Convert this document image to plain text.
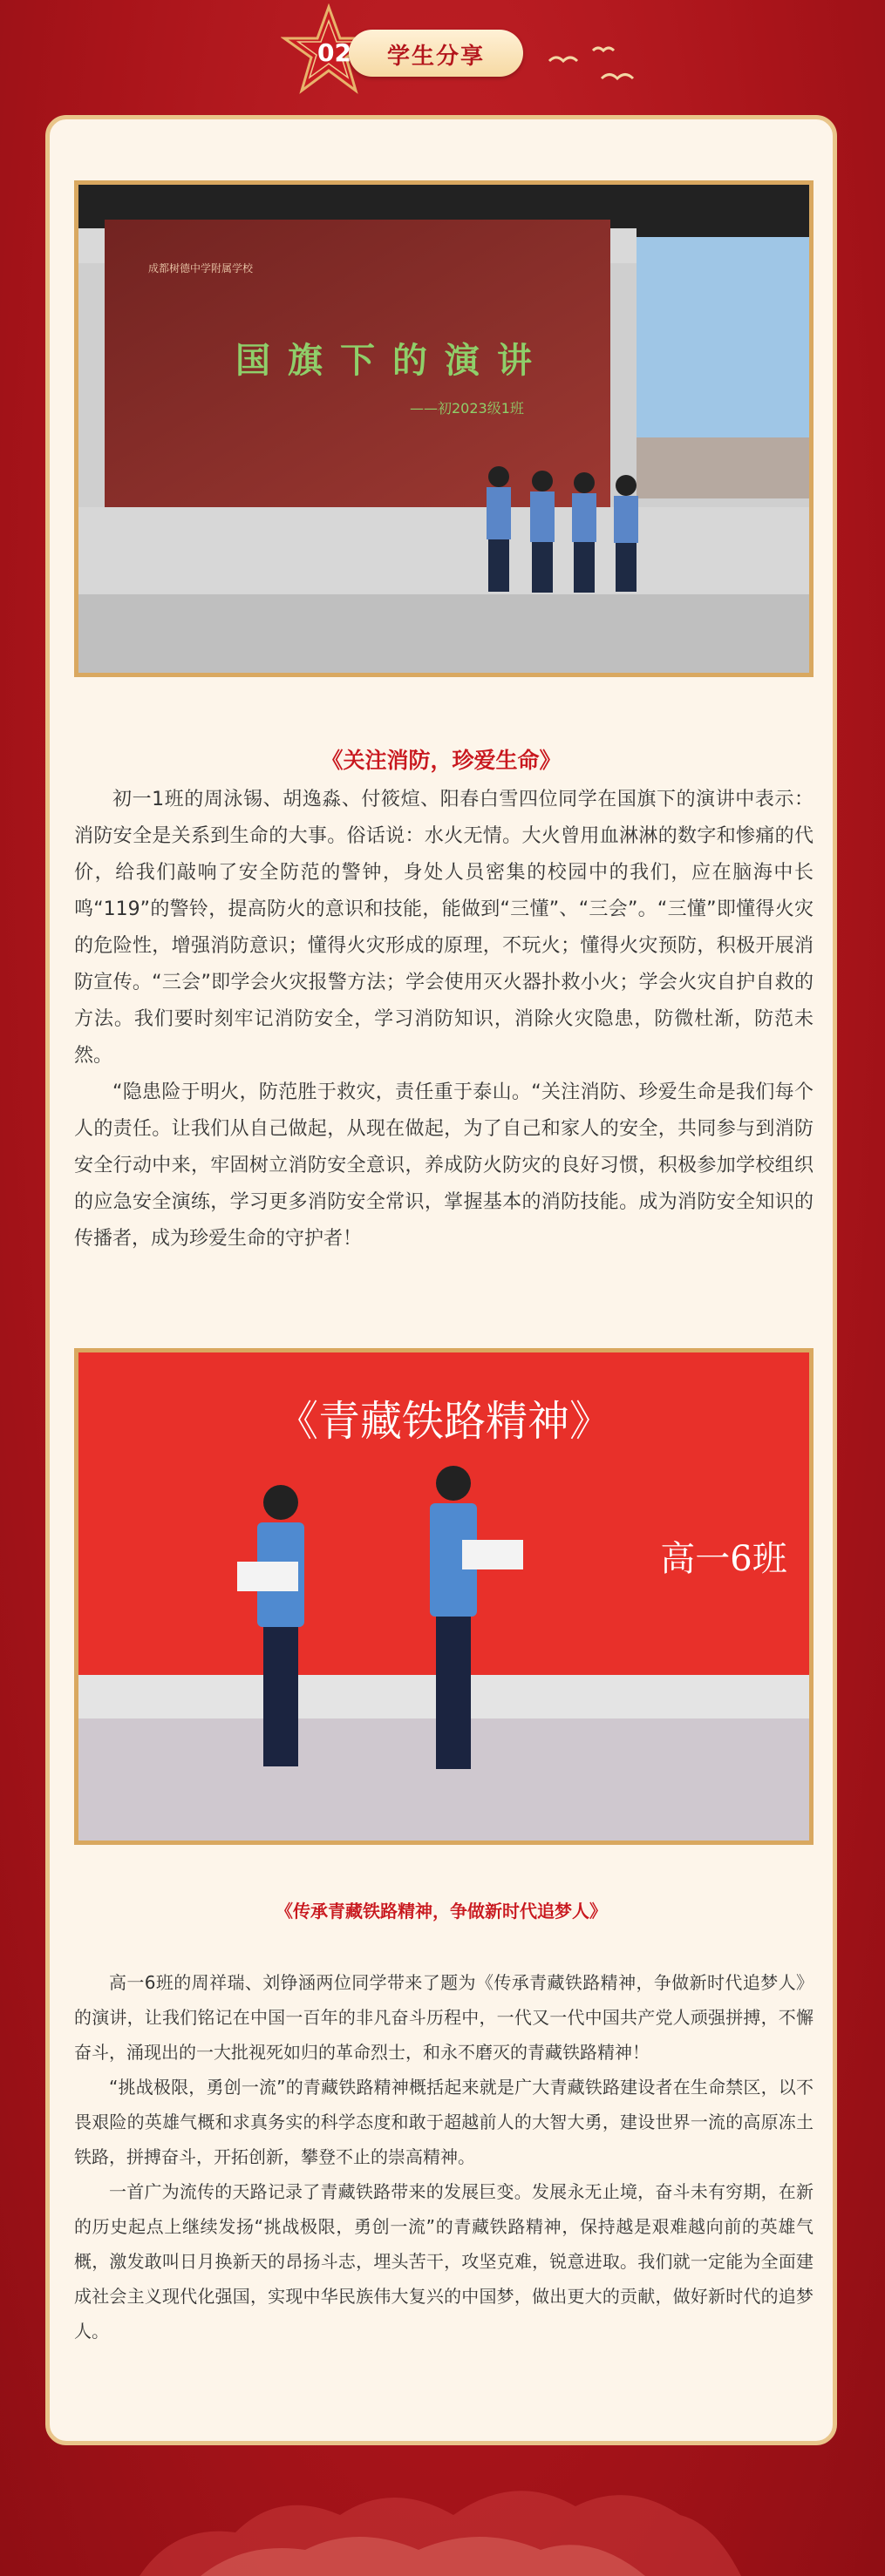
02 学生分享
成都树德中学附属学校
国旗下的演讲
——初2023级1班
《关注消防，珍爱生命》

初一1班的周泳锡、胡逸淼、付筱煊、阳春白雪四位同学在国旗下的演讲中表示：消防安全是关系到生命的大事。俗话说：水火无情。大火曾用血淋淋的数字和惨痛的代价，给我们敲响了安全防范的警钟，身处人员密集的校园中的我们，应在脑海中长鸣“119”的警铃，提高防火的意识和技能，能做到“三懂”、“三会”。“三懂”即懂得火灾的危险性，增强消防意识；懂得火灾形成的原理，不玩火；懂得火灾预防，积极开展消防宣传。“三会”即学会火灾报警方法；学会使用灭火器扑救小火；学会火灾自护自救的方法。我们要时刻牢记消防安全，学习消防知识，消除火灾隐患，防微杜渐，防范未然。

“隐患险于明火，防范胜于救灾，责任重于泰山。“关注消防、珍爱生命是我们每个人的责任。让我们从自己做起，从现在做起，为了自己和家人的安全，共同参与到消防安全行动中来，牢固树立消防安全意识，养成防火防灾的良好习惯，积极参加学校组织的应急安全演练，学习更多消防安全常识，掌握基本的消防技能。成为消防安全知识的传播者，成为珍爱生命的守护者！

《青藏铁路精神》
高一6班
《传承青藏铁路精神，争做新时代追梦人》

高一6班的周祥瑞、刘铮涵两位同学带来了题为《传承青藏铁路精神，争做新时代追梦人》的演讲，让我们铭记在中国一百年的非凡奋斗历程中，一代又一代中国共产党人顽强拼搏，不懈奋斗，涌现出的一大批视死如归的革命烈士，和永不磨灭的青藏铁路精神！

“挑战极限，勇创一流”的青藏铁路精神概括起来就是广大青藏铁路建设者在生命禁区，以不畏艰险的英雄气概和求真务实的科学态度和敢于超越前人的大智大勇，建设世界一流的高原冻土铁路，拼搏奋斗，开拓创新，攀登不止的崇高精神。

一首广为流传的天路记录了青藏铁路带来的发展巨变。发展永无止境，奋斗未有穷期，在新的历史起点上继续发扬“挑战极限，勇创一流”的青藏铁路精神，保持越是艰难越向前的英雄气概，激发敢叫日月换新天的昂扬斗志，埋头苦干，攻坚克难，锐意进取。我们就一定能为全面建成社会主义现代化强国，实现中华民族伟大复兴的中国梦，做出更大的贡献，做好新时代的追梦人。
